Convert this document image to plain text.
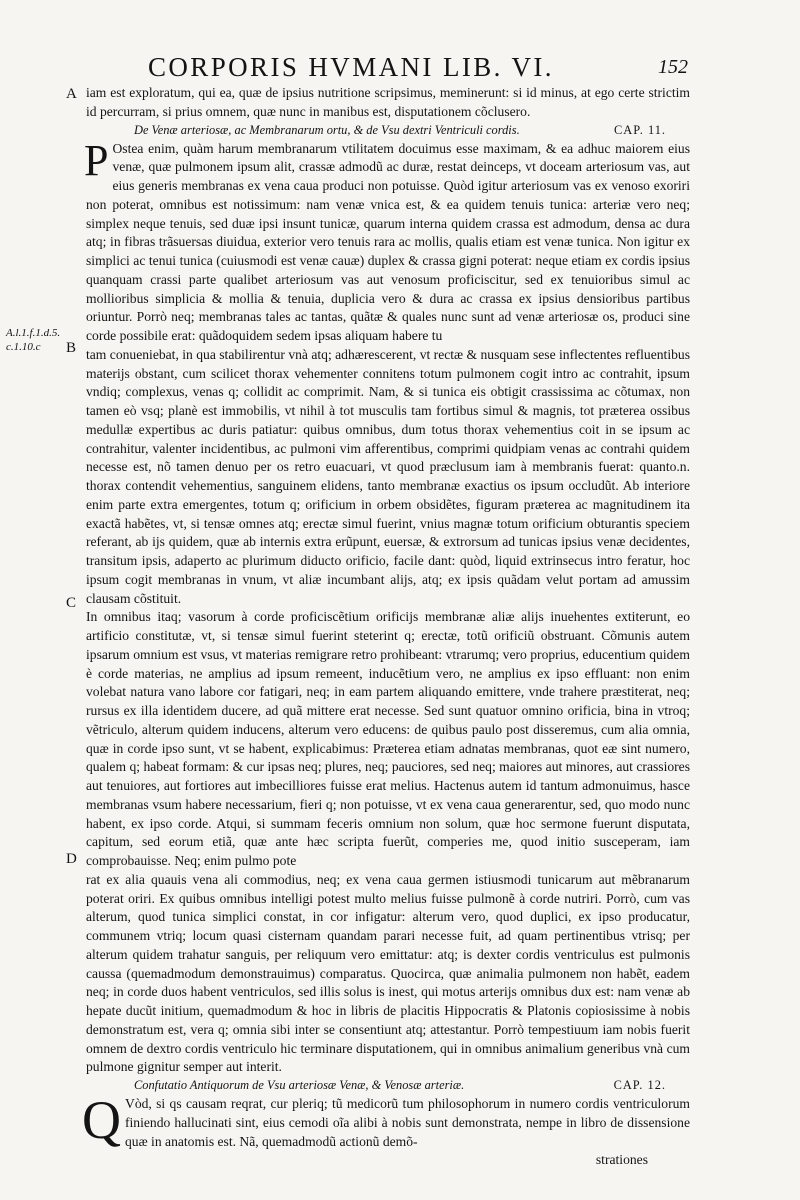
CORPORIS HVMANI LIB. VI.	152
A
B
C
D
A.l.1.f.1.d.5.
c.1.10.c

iam est exploratum, qui ea, quæ de ipsius nutritione scripsimus, meminerunt: si id minus, at ego certe strictim id percurram, si prius omnem, quæ nunc in manibus est, disputationem cõclusero.

De Venæ arteriosæ, ac Membranarum ortu, & de Vsu dextri Ventriculi cordis.	CAP. 11.

P Ostea enim, quàm harum membranarum vtilitatem docuimus esse maximam, & ea adhuc maiorem eius venæ, quæ pulmonem ipsum alit, crassæ admodũ ac duræ, restat deinceps, vt doceam arteriosum vas, aut eius generis membranas ex vena caua produci non potuisse. Quòd igitur arteriosum vas ex venoso exoriri non poterat, omnibus est notissimum: nam venæ vnica est, & ea quidem tenuis tunica: arteriæ vero neq; simplex neque tenuis, sed duæ ipsi insunt tunicæ, quarum interna quidem crassa est admodum, densa ac dura atq; in fibras trãsuersas diuidua, exterior vero tenuis rara ac mollis, qualis etiam est venæ tunica. Non igitur ex simplici ac tenui tunica (cuiusmodi est venæ cauæ) duplex & crassa gigni poterat: neque etiam ex cordis ipsius quanquam crassi parte qualibet arteriosum vas aut venosum proficiscitur, sed ex tenuioribus simul ac mollioribus simplicia & mollia & tenuia, duplicia vero & dura ac crassa ex ipsius densioribus partibus oriuntur. Porrò neq; membranas tales ac tantas, quãtæ & quales nunc sunt ad venæ arteriosæ os, produci sine corde possibile erat: quãdoquidem sedem ipsas aliquam habere tu

tam conueniebat, in qua stabilirentur vnà atq; adhærescerent, vt rectæ & nusquam sese inflectentes refluentibus materijs obstant, cum scilicet thorax vehementer connitens totum pulmonem cogit intro ac contrahit, ipsum vndiq; complexus, venas q; collidit ac comprimit. Nam, & si tunica eis obtigit crassissima ac cõtumax, non tamen eò vsq; planè est immobilis, vt nihil à tot musculis tam fortibus simul & magnis, tot præterea ossibus medullæ expertibus ac duris patiatur: quibus omnibus, dum totus thorax vehementius coit in se ipsum ac contrahitur, valenter incidentibus, ac pulmoni vim afferentibus, comprimi quidpiam venas ac contrahi quidem necesse est, nõ tamen denuo per os retro euacuari, vt quod præclusum iam à membranis fuerat: quanto.n. thorax contendit vehementius, sanguinem elidens, tanto membranæ exactius os ipsum occludũt. Ab interiore enim parte extra emergentes, totum q; orificium in orbem obsidẽtes, figuram præterea ac magnitudinem ita exactã habẽtes, vt, si tensæ omnes atq; erectæ simul fuerint, vnius magnæ totum orificium obturantis speciem referant, ab ijs quidem, quæ ab internis extra erũpunt, euersæ, & extrorsum ad tunicas ipsius venæ decidentes, transitum ipsis, adaperto ac plurimum diducto orificio, facile dant: quòd, liquid extrinsecus intro feratur, hoc ipsum cogit membranas in vnum, vt aliæ incumbant alijs, atq; ex ipsis quãdam velut portam ad amussim clausam cõstituit.

In omnibus itaq; vasorum à corde proficiscẽtium orificijs membranæ aliæ alijs inuehentes extiterunt, eo artificio constitutæ, vt, si tensæ simul fuerint steterint q; erectæ, totũ orificiũ obstruant. Cõmunis autem ipsarum omnium est vsus, vt materias remigrare retro prohibeant: vtrarumq; vero proprius, educentium quidem è corde materias, ne amplius ad ipsum remeent, inducẽtium vero, ne amplius ex ipso effluant: non enim volebat natura vano labore cor fatigari, neq; in eam partem aliquando emittere, vnde trahere præstiterat, neq; rursus ex illa identidem ducere, ad quã mittere erat necesse. Sed sunt quatuor omnino orificia, bina in vtroq; vẽtriculo, alterum quidem inducens, alterum vero educens: de quibus paulo post disseremus, cum alia omnia, quæ in corde ipso sunt, vt se habent, explicabimus: Præterea etiam adnatas membranas, quot eæ sint numero, qualem q; habeat formam: & cur ipsas neq; plures, neq; pauciores, sed neq; maiores aut minores, aut crassiores aut tenuiores, aut fortiores aut imbecilliores fuisse erat melius. Hactenus autem id tantum admonuimus, hasce membranas vsum habere necessarium, fieri q; non potuisse, vt ex vena caua generarentur, sed, quo modo nunc habent, ex ipso corde. Atqui, si summam feceris omnium non solum, quæ hoc sermone fuerunt disputata, capitum, sed eorum etiã, quæ ante hæc scripta fuerũt, comperies me, quod initio susceperam, iam comprobauisse. Neq; enim pulmo pote

rat ex alia quauis vena ali commodius, neq; ex vena caua germen istiusmodi tunicarum aut mẽbranarum poterat oriri. Ex quibus omnibus intelligi potest multo melius fuisse pulmonẽ à corde nutriri. Porrò, cum vas alterum, quod tunica simplici constat, in cor infigatur: alterum vero, quod duplici, ex ipso producatur, communem vtriq; locum quasi cisternam quandam parari necesse fuit, ad quam pertinentibus vtrisq; per alterum quidem trahatur sanguis, per reliquum vero emittatur: atq; is dexter cordis ventriculus est pulmonis caussa (quemadmodum demonstrauimus) comparatus. Quocirca, quæ animalia pulmonem non habẽt, eadem neq; in corde duos habent ventriculos, sed illis solus is inest, qui motus arterijs omnibus dux est: nam venæ ab hepate ducũt initium, quemadmodum & hoc in libris de placitis Hippocratis & Platonis copiosissime à nobis demonstratum est, vera q; omnia sibi inter se consentiunt atq; attestantur. Porrò tempestiuum iam nobis fuerit omnem de dextro cordis ventriculo hic terminare disputationem, qui in omnibus animalium generibus vnà cum pulmone gignitur semper aut interit.

Confutatio Antiquorum de Vsu arteriosæ Venæ, & Venosæ arteriæ.	CAP. 12.

Q Vòd, si qs causam reqrat, cur pleriq; tũ medicorũ tum philosophorum in numero cordis ventriculorum finiendo hallucinati sint, eius cemodi oĩa alibi à nobis sunt demonstrata, nempe in libro de dissensione quæ in anatomis est. Nã, quemadmodũ actionũ demõ-

strationes
